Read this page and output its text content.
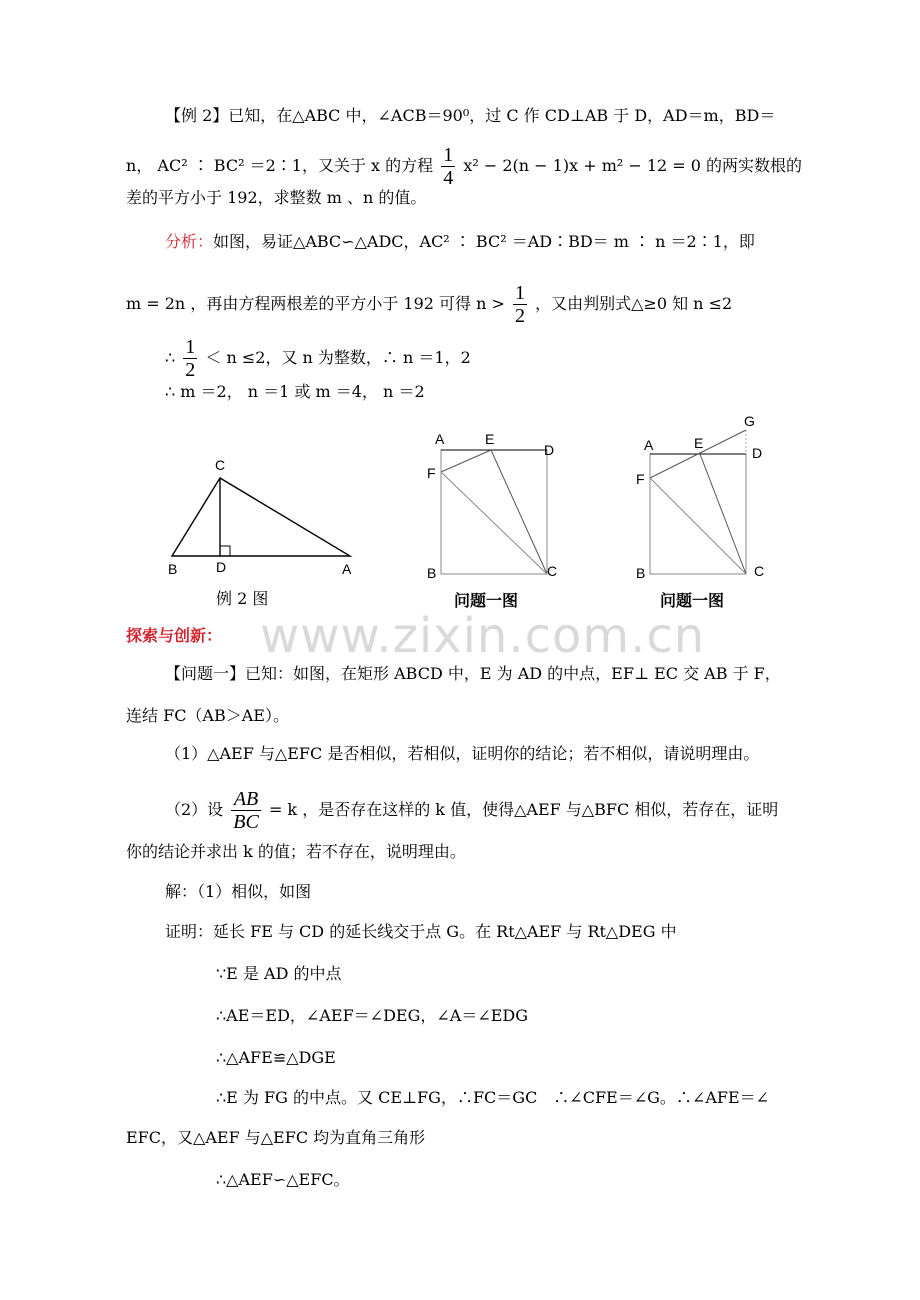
【例 2】已知，在△ABC 中，∠ACB＝90⁰，过 C 作 CD⊥AB 于 D，AD＝m，BD＝
n， AC² ∶ BC² ＝2∶1，又关于 x 的方程 $\frac{1}{4} x^2 - 2(n - 1)x + m^2 - 12 = 0$ 的两实数根的
差的平方小于 192，求整数 m 、n 的值。
分析：如图，易证△ABC∽△ADC，AC² ∶ BC² ＝AD∶BD＝ m ∶ n ＝2∶1，即
m = 2n ，再由方程两根差的平方小于 192 可得 $n > \frac{1}{2}$ ，又由判别式△≥0 知 n ≤2
∴ $\frac{1}{2} < n \le 2$，又 n 为整数，∴ n ＝1，2
∴ m ＝2， n ＝1 或 m ＝4， n ＝2
C
B	D	A
例 2 图
A	E
D
F
B	C
问题一图
G
A	E
D
F
B	C
问题一图
www.zixin.com.cn
探索与创新：
【问题一】已知：如图，在矩形 ABCD 中，E 为 AD 的中点，EF⊥ EC 交 AB 于 F，
连结 FC（AB＞AE）。
（1）△AEF 与△EFC 是否相似，若相似，证明你的结论；若不相似，请说明理由。
（2）设 $\frac{AB}{BC} = k$ ，是否存在这样的 k 值，使得△AEF 与△BFC 相似，若存在，证明
你的结论并求出 k 的值；若不存在，说明理由。
解：（1）相似，如图
证明：延长 FE 与 CD 的延长线交于点 G。在 Rt△AEF 与 Rt△DEG 中
∵E 是 AD 的中点
∴AE＝ED，∠AEF＝∠DEG，∠A＝∠EDG
∴△AFE≌△DGE
∴E 为 FG 的中点。又 CE⊥FG，∴FC＝GC　∴∠CFE＝∠G。∴∠AFE＝∠
EFC，又△AEF 与△EFC 均为直角三角形
∴△AEF∽△EFC。
